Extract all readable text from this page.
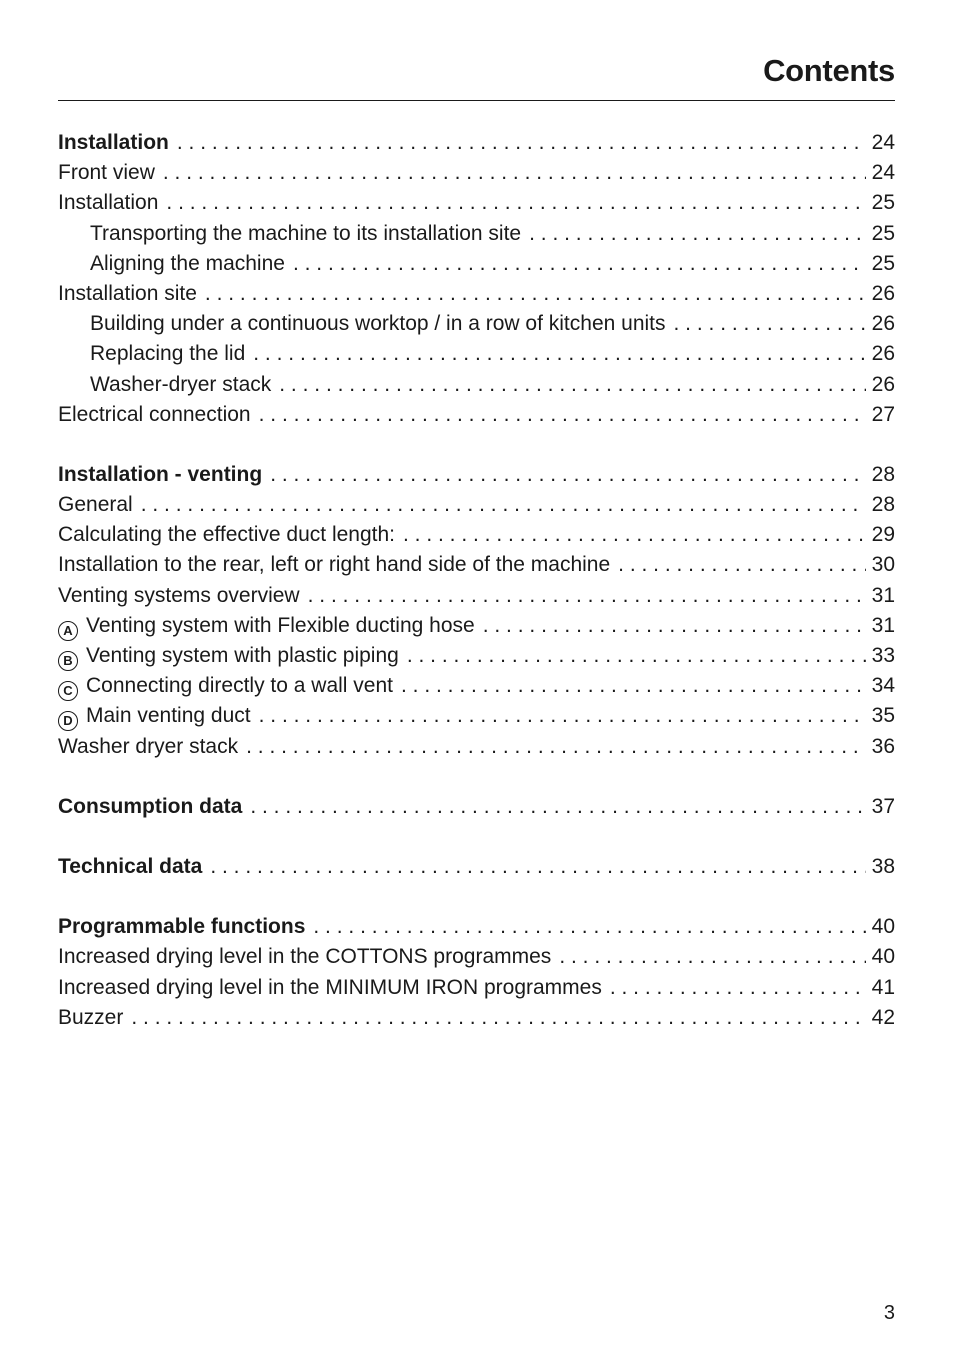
Contents
Installation . . .	24
Front view . . .	24
Installation . . .	25
Transporting the machine to its installation site . . .	25
Aligning the machine . . .	25
Installation site . . .	26
Building under a continuous worktop / in a row of kitchen units . . .	26
Replacing the lid . . .	26
Washer-dryer stack . . .	26
Electrical connection . . .	27
Installation - venting . . .	28
General . . .	28
Calculating the effective duct length: . . .	29
Installation to the rear, left or right hand side of the machine . . .	30
Venting systems overview . . .	31
A Venting system with Flexible ducting hose . . .	31
B Venting system with plastic piping . . .	33
C Connecting directly to a wall vent . . .	34
D Main venting duct . . .	35
Washer dryer stack . . .	36
Consumption data . . .	37
Technical data . . .	38
Programmable functions . . .	40
Increased drying level in the COTTONS programmes . . .	40
Increased drying level in the MINIMUM IRON programmes . . .	41
Buzzer . . .	42
3
